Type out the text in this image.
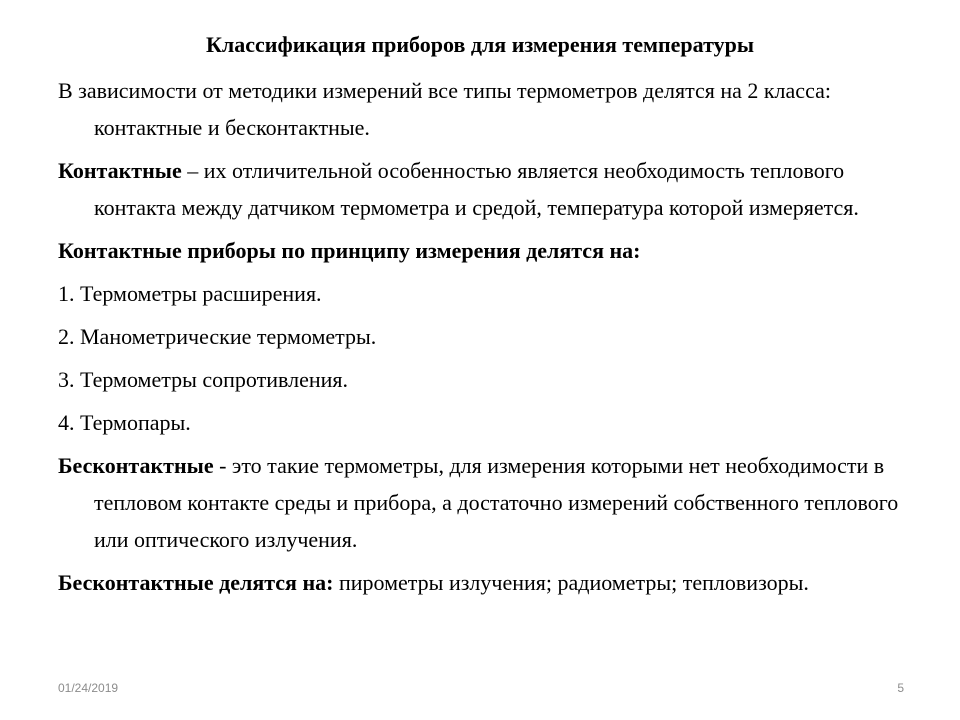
Классификация приборов для измерения температуры

В зависимости от методики измерений все типы термометров делятся на 2 класса: контактные и бесконтактные.

Контактные – их отличительной особенностью является необходимость теплового контакта между датчиком термометра и средой, температура которой измеряется.

Контактные приборы по принципу измерения делятся на:

1. Термометры расширения.

2. Манометрические термометры.

3. Термометры сопротивления.

4. Термопары.

Бесконтактные - это такие термометры, для измерения которыми нет необходимости в тепловом контакте среды и прибора, а достаточно измерений собственного теплового или оптического излучения.

Бесконтактные делятся на: пирометры излучения; радиометры; тепловизоры.

01/24/2019	5
